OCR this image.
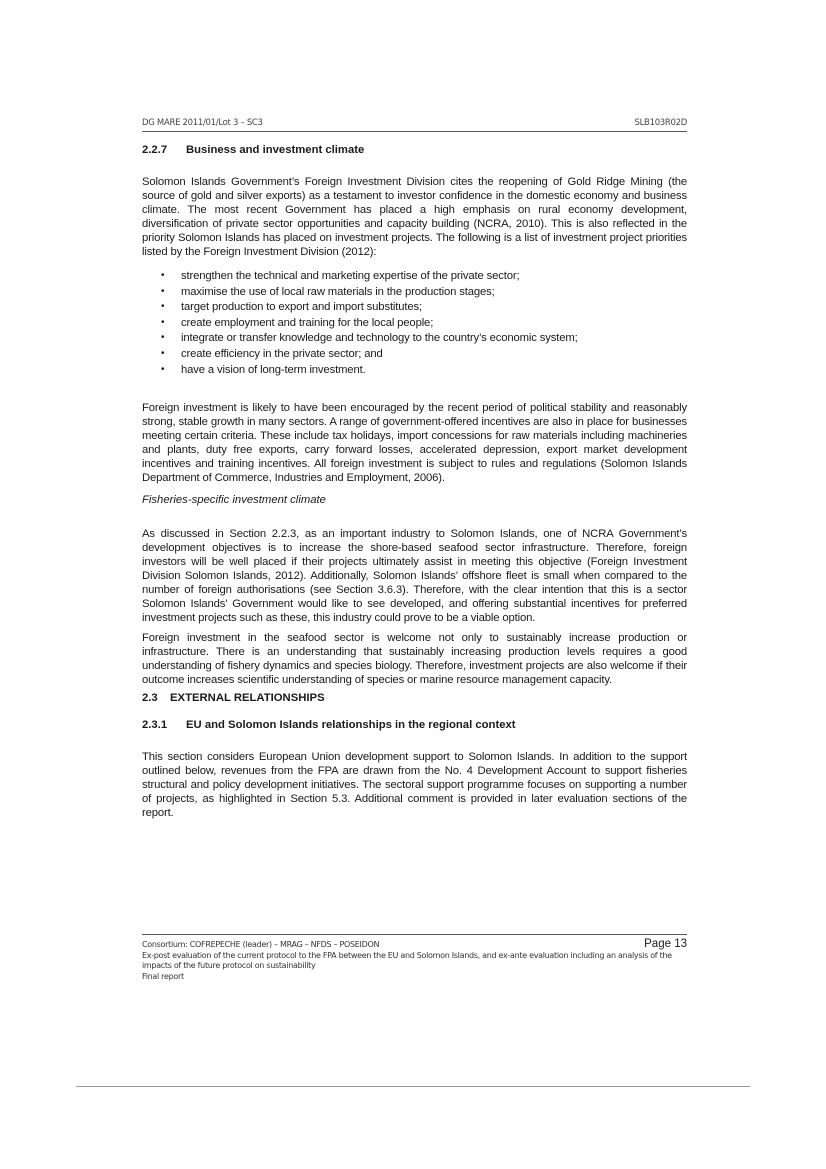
DG MARE 2011/01/Lot 3 – SC3	SLB103R02D
2.2.7	Business and investment climate

Solomon Islands Government’s Foreign Investment Division cites the reopening of Gold Ridge Mining (the source of gold and silver exports) as a testament to investor confidence in the domestic economy and business climate. The most recent Government has placed a high emphasis on rural economy development, diversification of private sector opportunities and capacity building (NCRA, 2010). This is also reflected in the priority Solomon Islands has placed on investment projects. The following is a list of investment project priorities listed by the Foreign Investment Division (2012):

• strengthen the technical and marketing expertise of the private sector;
• maximise the use of local raw materials in the production stages;
• target production to export and import substitutes;
• create employment and training for the local people;
• integrate or transfer knowledge and technology to the country’s economic system;
• create efficiency in the private sector; and
• have a vision of long-term investment.

Foreign investment is likely to have been encouraged by the recent period of political stability and reasonably strong, stable growth in many sectors. A range of government-offered incentives are also in place for businesses meeting certain criteria. These include tax holidays, import concessions for raw materials including machineries and plants, duty free exports, carry forward losses, accelerated depression, export market development incentives and training incentives. All foreign investment is subject to rules and regulations (Solomon Islands Department of Commerce, Industries and Employment, 2006).

Fisheries-specific investment climate

As discussed in Section 2.2.3, as an important industry to Solomon Islands, one of NCRA Government’s development objectives is to increase the shore-based seafood sector infrastructure. Therefore, foreign investors will be well placed if their projects ultimately assist in meeting this objective (Foreign Investment Division Solomon Islands, 2012). Additionally, Solomon Islands’ offshore fleet is small when compared to the number of foreign authorisations (see Section 3.6.3). Therefore, with the clear intention that this is a sector Solomon Islands’ Government would like to see developed, and offering substantial incentives for preferred investment projects such as these, this industry could prove to be a viable option.

Foreign investment in the seafood sector is welcome not only to sustainably increase production or infrastructure. There is an understanding that sustainably increasing production levels requires a good understanding of fishery dynamics and species biology. Therefore, investment projects are also welcome if their outcome increases scientific understanding of species or marine resource management capacity.

2.3	EXTERNAL RELATIONSHIPS
2.3.1	EU and Solomon Islands relationships in the regional context

This section considers European Union development support to Solomon Islands. In addition to the support outlined below, revenues from the FPA are drawn from the No. 4 Development Account to support fisheries structural and policy development initiatives. The sectoral support programme focuses on supporting a number of projects, as highlighted in Section 5.3. Additional comment is provided in later evaluation sections of the report.

Consortium: COFREPECHE (leader) – MRAG – NFDS – POSEIDON	Page 13
Ex-post evaluation of the current protocol to the FPA between the EU and Solomon Islands, and ex-ante evaluation including an analysis of the impacts of the future protocol on sustainability
Final report
